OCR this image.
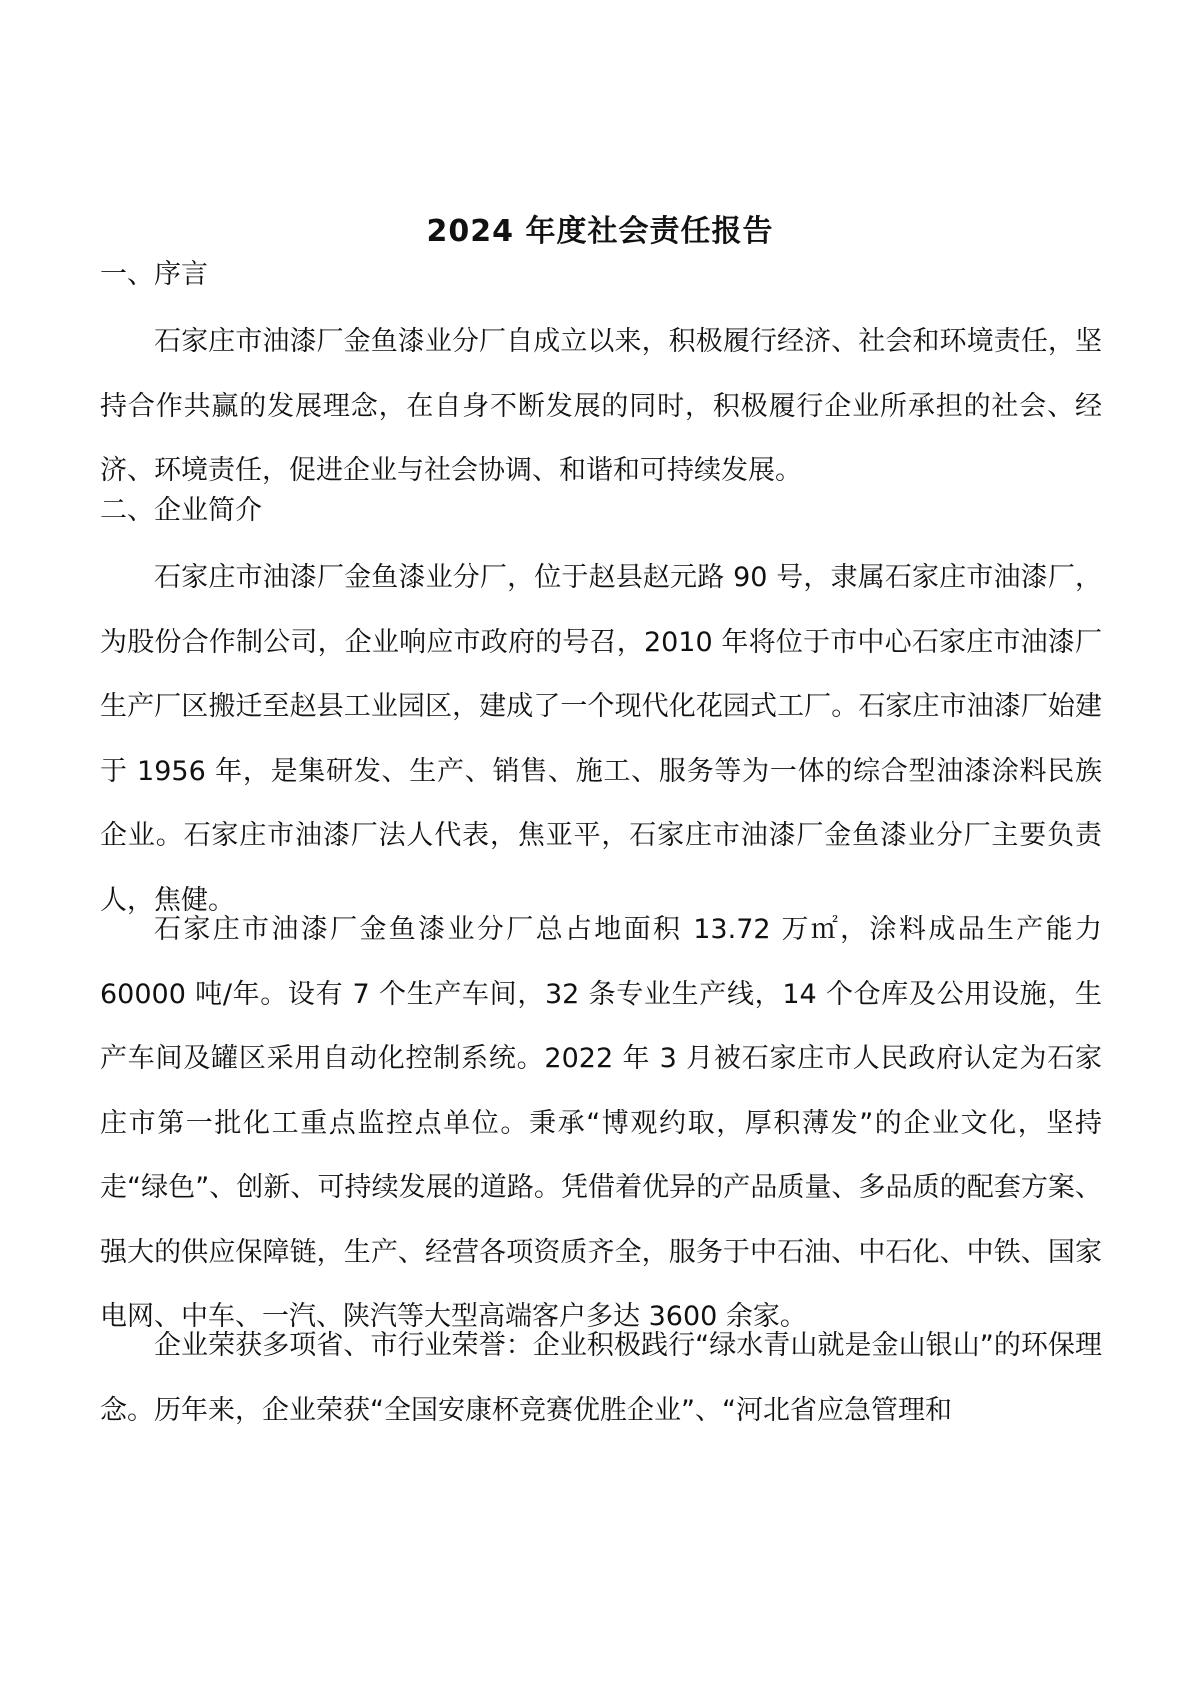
2024 年度社会责任报告
一、序言

石家庄市油漆厂金鱼漆业分厂自成立以来，积极履行经济、社会和环境责任，坚持合作共赢的发展理念，在自身不断发展的同时，积极履行企业所承担的社会、经济、环境责任，促进企业与社会协调、和谐和可持续发展。

二、企业简介

石家庄市油漆厂金鱼漆业分厂，位于赵县赵元路 90 号，隶属石家庄市油漆厂，为股份合作制公司，企业响应市政府的号召，2010 年将位于市中心石家庄市油漆厂生产厂区搬迁至赵县工业园区，建成了一个现代化花园式工厂。石家庄市油漆厂始建于 1956 年，是集研发、生产、销售、施工、服务等为一体的综合型油漆涂料民族企业。石家庄市油漆厂法人代表，焦亚平，石家庄市油漆厂金鱼漆业分厂主要负责人，焦健。

石家庄市油漆厂金鱼漆业分厂总占地面积 13.72 万㎡，涂料成品生产能力 60000 吨/年。设有 7 个生产车间，32 条专业生产线，14 个仓库及公用设施，生产车间及罐区采用自动化控制系统。2022 年 3 月被石家庄市人民政府认定为石家庄市第一批化工重点监控点单位。秉承“博观约取，厚积薄发”的企业文化，坚持走“绿色”、创新、可持续发展的道路。凭借着优异的产品质量、多品质的配套方案、强大的供应保障链，生产、经营各项资质齐全，服务于中石油、中石化、中铁、国家电网、中车、一汽、陕汽等大型高端客户多达 3600 余家。

企业荣获多项省、市行业荣誉：企业积极践行“绿水青山就是金山银山”的环保理念。历年来，企业荣获“全国安康杯竞赛优胜企业”、“河北省应急管理和
